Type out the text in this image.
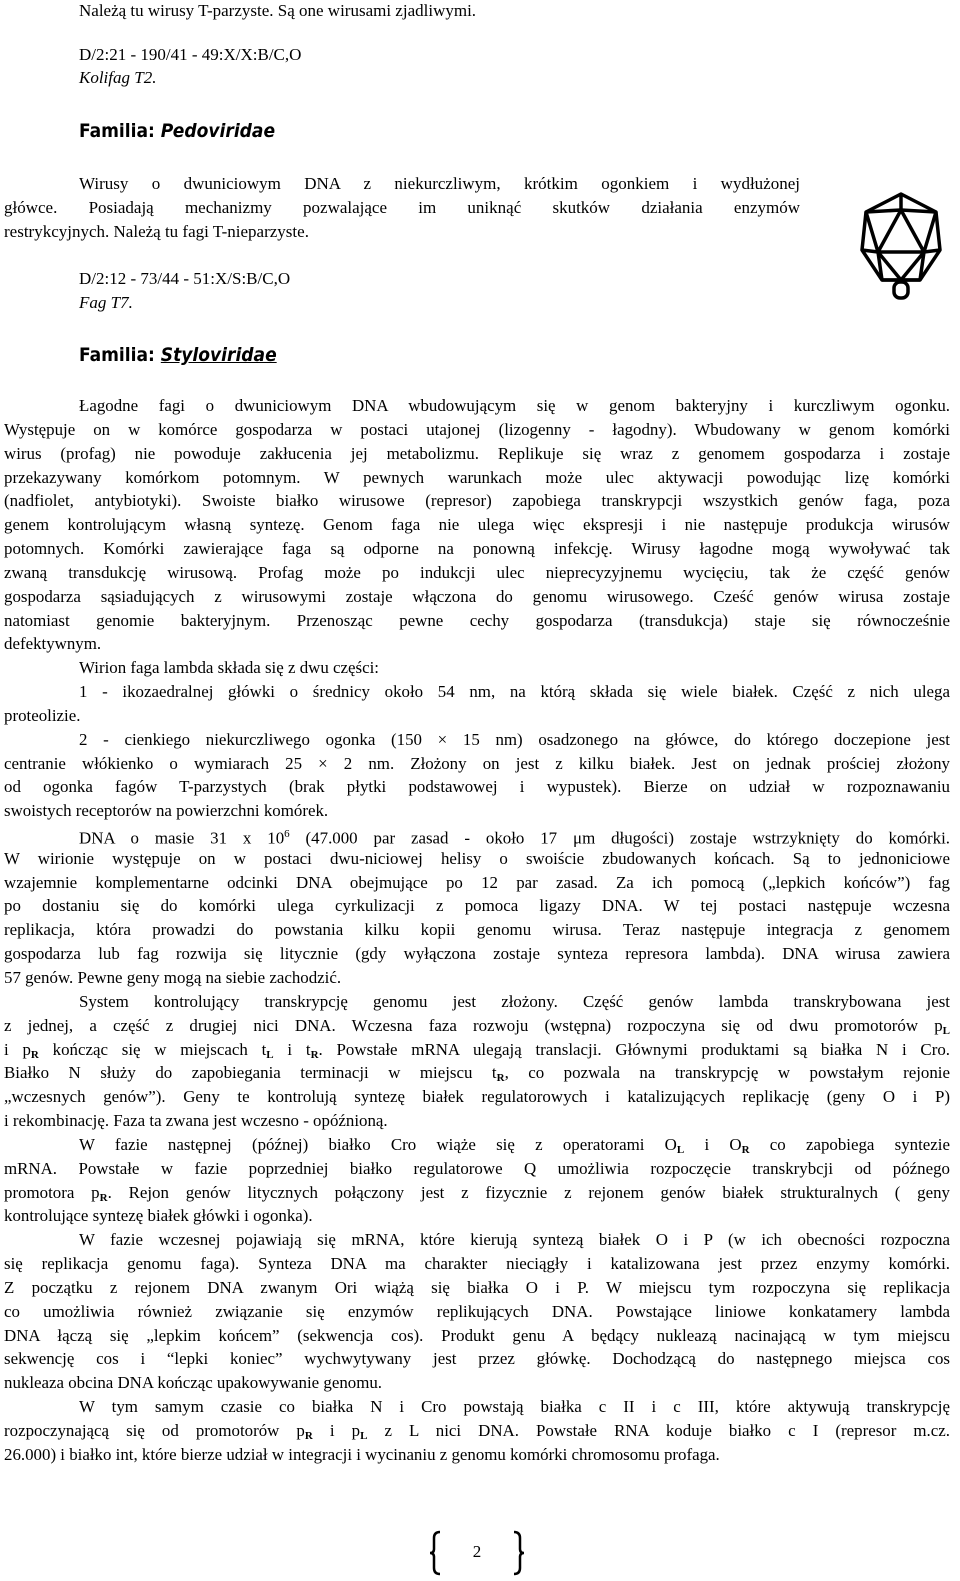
Należą tu wirusy T-parzyste. Są one wirusami zjadliwymi.
D/2:21 - 190/41 - 49:X/X:B/C,O
Kolifag T2.
Familia: Pedoviridae
Wirusy o dwuniciowym DNA z niekurczliwym, krótkim ogonkiem i wydłużonej
główce. Posiadają mechanizmy pozwalające im uniknąć skutków działania enzymów
restrykcyjnych. Należą tu fagi T-nieparzyste.
D/2:12 - 73/44 - 51:X/S:B/C,O
Fag T7.
Familia: Styloviridae
Łagodne fagi o dwuniciowym DNA wbudowującym się w genom bakteryjny i kurczliwym ogonku.
Występuje on w komórce gospodarza w postaci utajonej (lizogenny - łagodny). Wbudowany w genom komórki
wirus (profag) nie powoduje zakłucenia jej metabolizmu. Replikuje się wraz z genomem gospodarza i zostaje
przekazywany komórkom potomnym. W pewnych warunkach może ulec aktywacji powodując lizę komórki
(nadfiolet, antybiotyki). Swoiste białko wirusowe (represor) zapobiega transkrypcji wszystkich genów faga, poza
genem kontrolującym własną syntezę. Genom faga nie ulega więc ekspresji i nie następuje produkcja wirusów
potomnych. Komórki zawierające faga są odporne na ponowną infekcję. Wirusy łagodne mogą wywoływać tak
zwaną transdukcję wirusową. Profag może po indukcji ulec nieprecyzyjnemu wycięciu, tak że część genów
gospodarza sąsiadujących z wirusowymi zostaje włączona do genomu wirusowego. Cześć genów wirusa zostaje
natomiast genomie bakteryjnym. Przenosząc pewne cechy gospodarza (transdukcja) staje się równocześnie
defektywnym.
Wirion faga lambda składa się z dwu części:
1 - ikozaedralnej główki o średnicy około 54 nm, na którą składa się wiele białek. Część z nich ulega
proteolizie.
2 - cienkiego niekurczliwego ogonka (150 × 15 nm) osadzonego na główce, do którego doczepione jest
centranie włókienko o wymiarach 25 × 2 nm. Złożony on jest z kilku białek. Jest on jednak prościej złożony
od ogonka fagów T-parzystych (brak płytki podstawowej i wypustek). Bierze on udział w rozpoznawaniu
swoistych receptorów na powierzchni komórek.
DNA o masie 31 x $10^6$ (47.000 par zasad - około 17 μm długości) zostaje wstrzyknięty do komórki.
W wirionie występuje on w postaci dwu-niciowej helisy o swoiście zbudowanych końcach. Są to jednoniciowe
wzajemnie komplementarne odcinki DNA obejmujące po 12 par zasad. Za ich pomocą („lepkich końców”) fag
po dostaniu się do komórki ulega cyrkulizacji z pomoca ligazy DNA. W tej postaci następuje wczesna
replikacja, która prowadzi do powstania kilku kopii genomu wirusa. Teraz następuje integracja z genomem
gospodarza lub fag rozwija się litycznie (gdy wyłączona zostaje synteza represora lambda). DNA wirusa zawiera
57 genów. Pewne geny mogą na siebie zachodzić.
System kontrolujący transkrypcję genomu jest złożony. Część genów lambda transkrybowana jest
z jednej, a część z drugiej nici DNA. Wczesna faza rozwoju (wstępna) rozpoczyna się od dwu promotorów $p_L$
i $p_R$ kończąc się w miejscach $t_L$ i $t_R$. Powstałe mRNA ulegają translacji. Głównymi produktami są białka N i Cro.
Białko N służy do zapobiegania terminacji w miejscu $t_R$, co pozwala na transkrypcję w powstałym rejonie
„wczesnych genów”). Geny te kontrolują syntezę białek regulatorowych i katalizujących replikację (geny O i P)
i rekombinację. Faza ta zwana jest wczesno - opóźnioną.
W fazie następnej (późnej) białko Cro wiąże się z operatorami $O_L$ i $O_R$ co zapobiega syntezie
mRNA. Powstałe w fazie poprzedniej białko regulatorowe Q umożliwia rozpoczęcie transkrybcji od późnego
promotora $p_R$. Rejon genów litycznych połączony jest z fizycznie z rejonem genów białek strukturalnych ( geny
kontrolujące syntezę białek główki i ogonka).
W fazie wczesnej pojawiają się mRNA, które kierują syntezą białek O i P (w ich obecności rozpoczna
się replikacja genomu faga). Synteza DNA ma charakter nieciągły i katalizowana jest przez enzymy komórki.
Z początku z rejonem DNA zwanym Ori wiążą się białka O i P. W miejscu tym rozpoczyna się replikacja
co umożliwia również związanie się enzymów replikujących DNA. Powstające liniowe konkatamery lambda
DNA łączą się „lepkim końcem” (sekwencja cos). Produkt genu A będący nukleazą nacinającą w tym miejscu
sekwencję cos i “lepki koniec” wychwytywany jest przez główkę. Dochodzącą do następnego miejsca cos
nukleaza obcina DNA kończąc upakowywanie genomu.
W tym samym czasie co białka N i Cro powstają białka c II i c III, które aktywują transkrypcję
rozpoczynającą się od promotorów $p_R$ i $p_L$ z L nici DNA. Powstałe RNA koduje białko c I (represor m.cz.
26.000) i białko int, które bierze udział w integracji i wycinaniu z genomu komórki chromosomu profaga.
2
